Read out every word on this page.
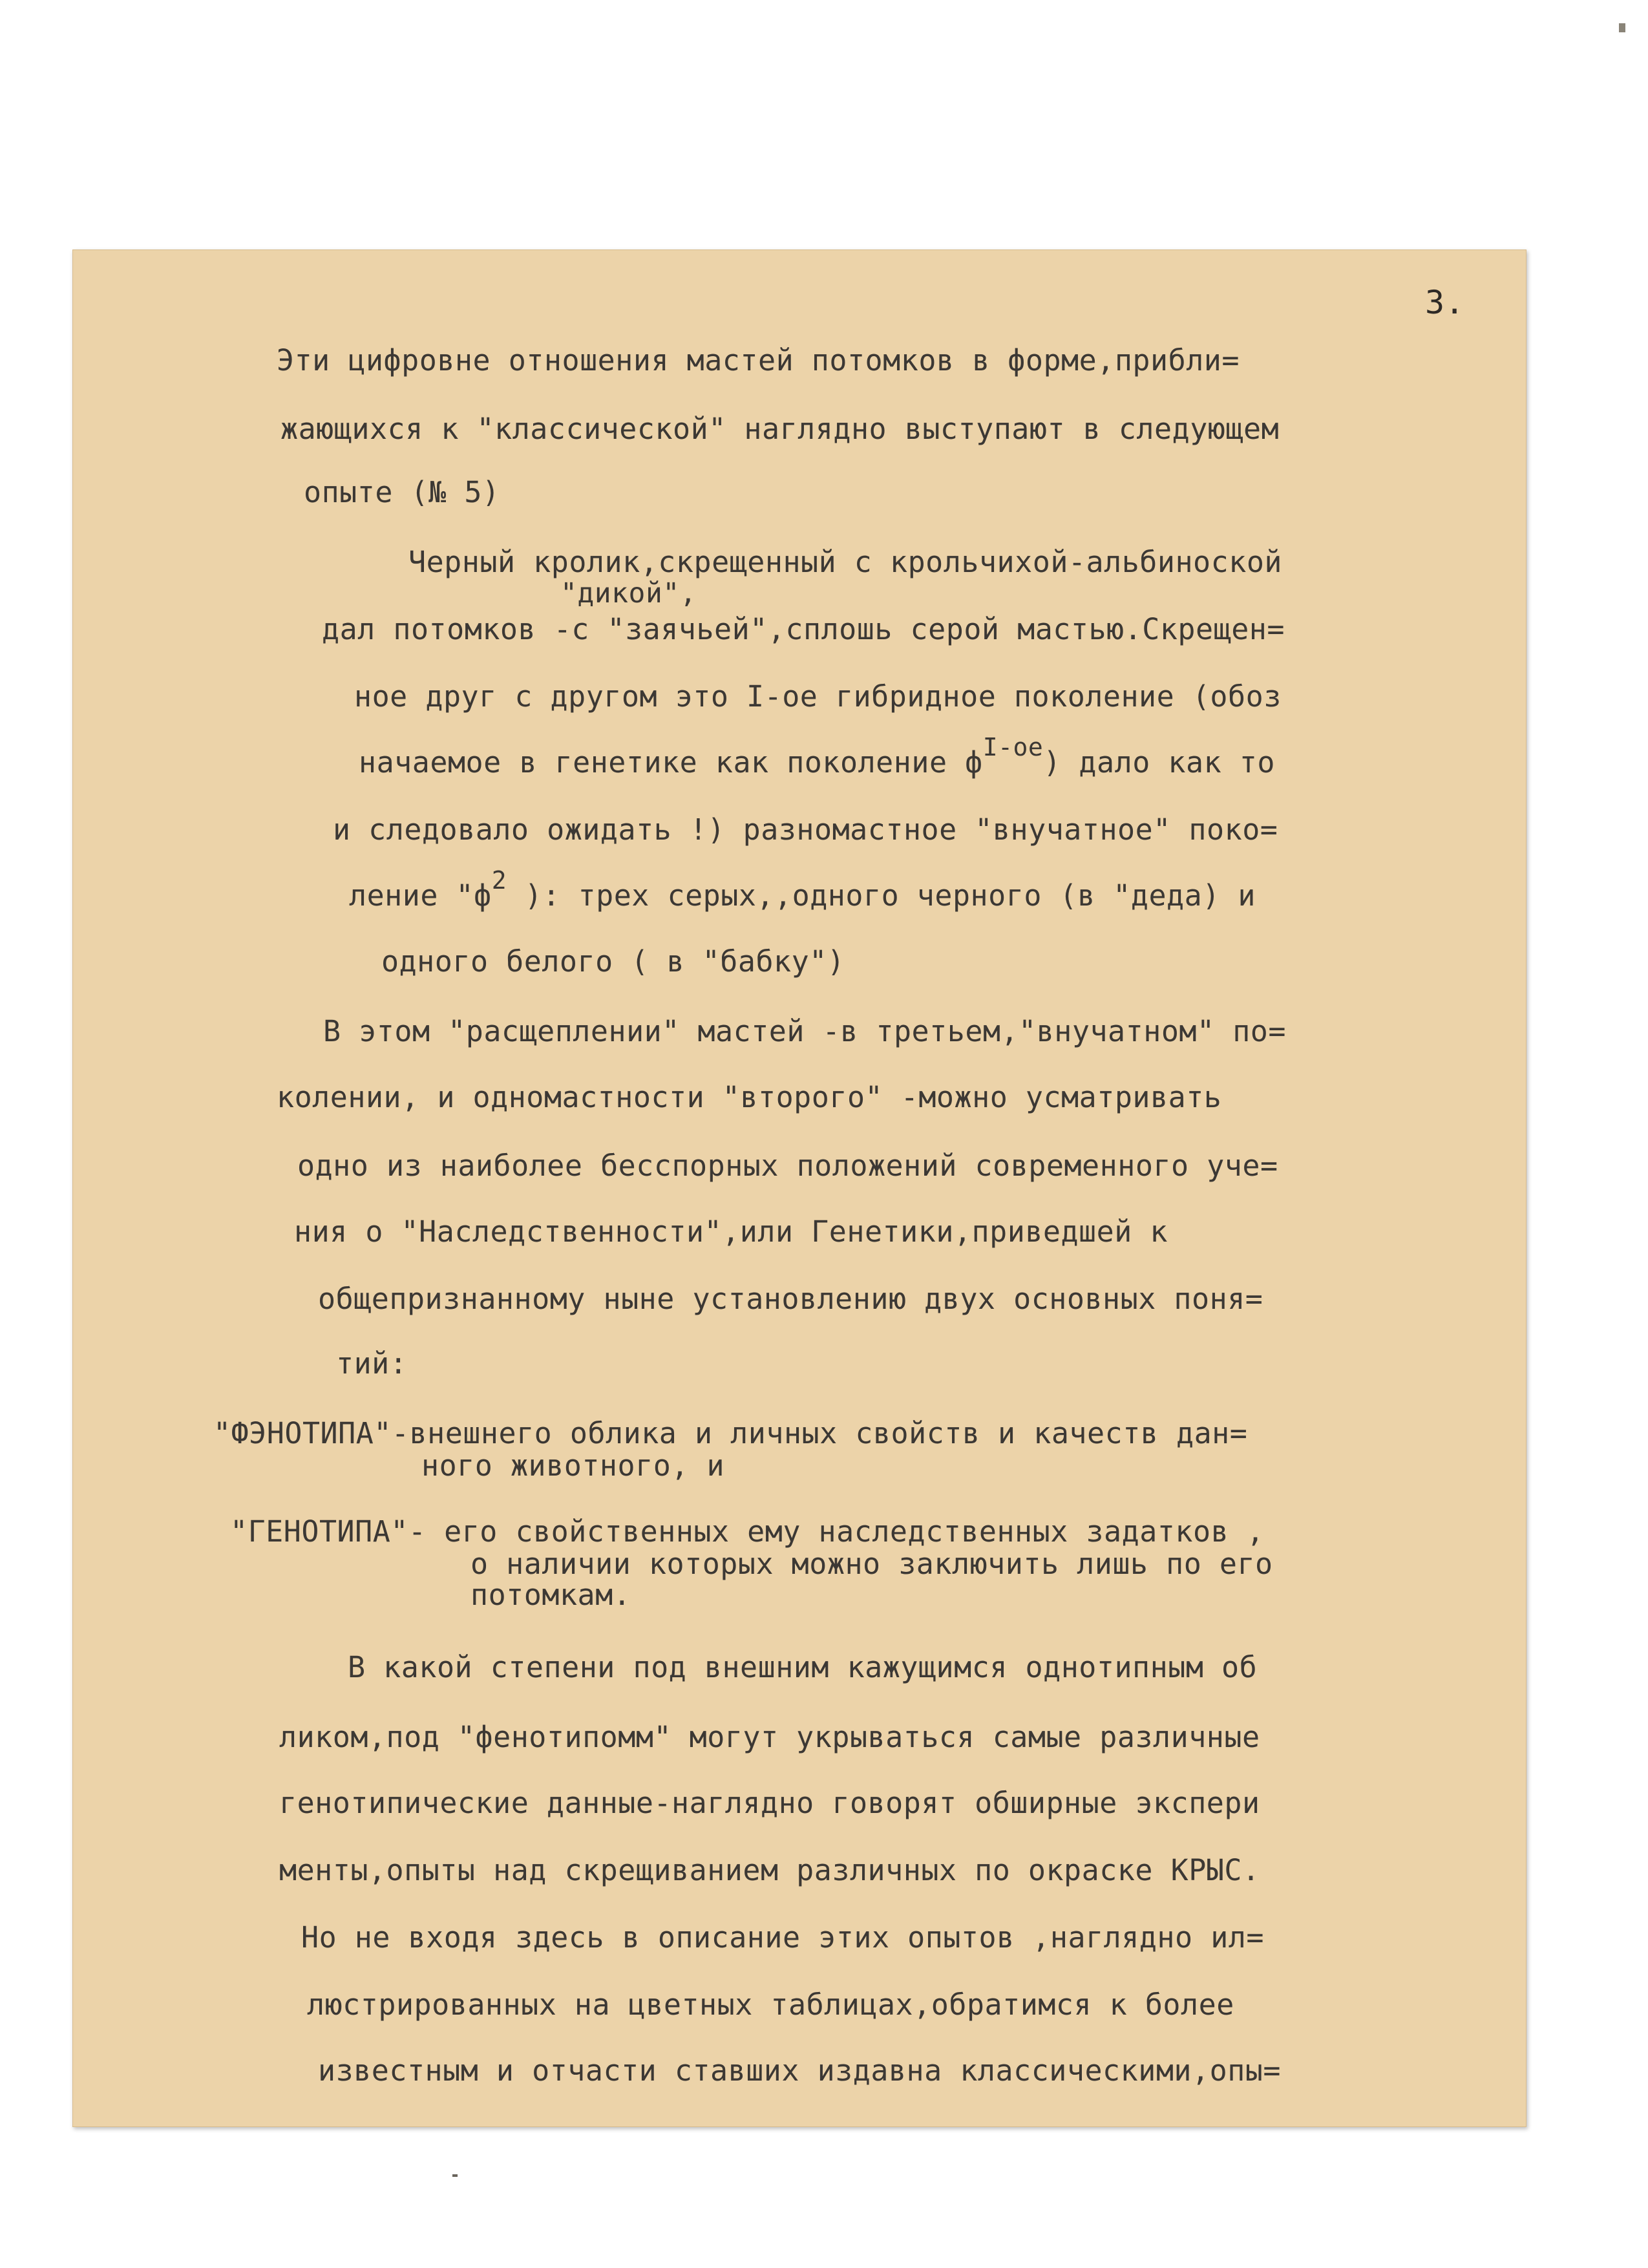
3.
Эти цифровне отношения мастей потомков в форме,прибли=
жающихся к "классической" наглядно выступают в следующем
опыте (№ 5)
Черный кролик,скрещенный с крольчихой-альбиноской
"дикой",
дал потомков -с "заячьей",сплошь серой мастью.Скрещен=
ное друг с другом это I-ое гибридное поколение (обоз
начаемое в генетике как поколение $ф^{I-ое}$) дало как то
и следовало ожидать !) разномастное "внучатное" поко=
ление "$ф^2$ ): трех серых,,одного черного (в "деда) и
одного белого ( в "бабку")
В этом "расщеплении" мастей -в третьем,"внучатном" по=
колении, и одномастности "второго" -можно усматривать
одно из наиболее бесспорных положений современного уче=
ния о "Наследственности",или Генетики,приведшей к
общепризнанному ныне установлению двух основных поня=
тий:
"ФЭНОТИПА"-внешнего облика и личных свойств и качеств дан=
ного животного, и
"ГЕНОТИПА"- его свойственных ему наследственных задатков ,
о наличии которых можно заключить лишь по его
потомкам.
В какой степени под внешним кажущимся однотипным об
ликом,под "фенотипомм" могут укрываться самые различные
генотипические данные-наглядно говорят обширные экспери
менты,опыты над скрещиванием различных по окраске КРЫС.
Но не входя здесь в описание этих опытов ,наглядно ил=
люстрированных на цветных таблицах,обратимся к более
известным и отчасти ставших издавна классическими,опы=
